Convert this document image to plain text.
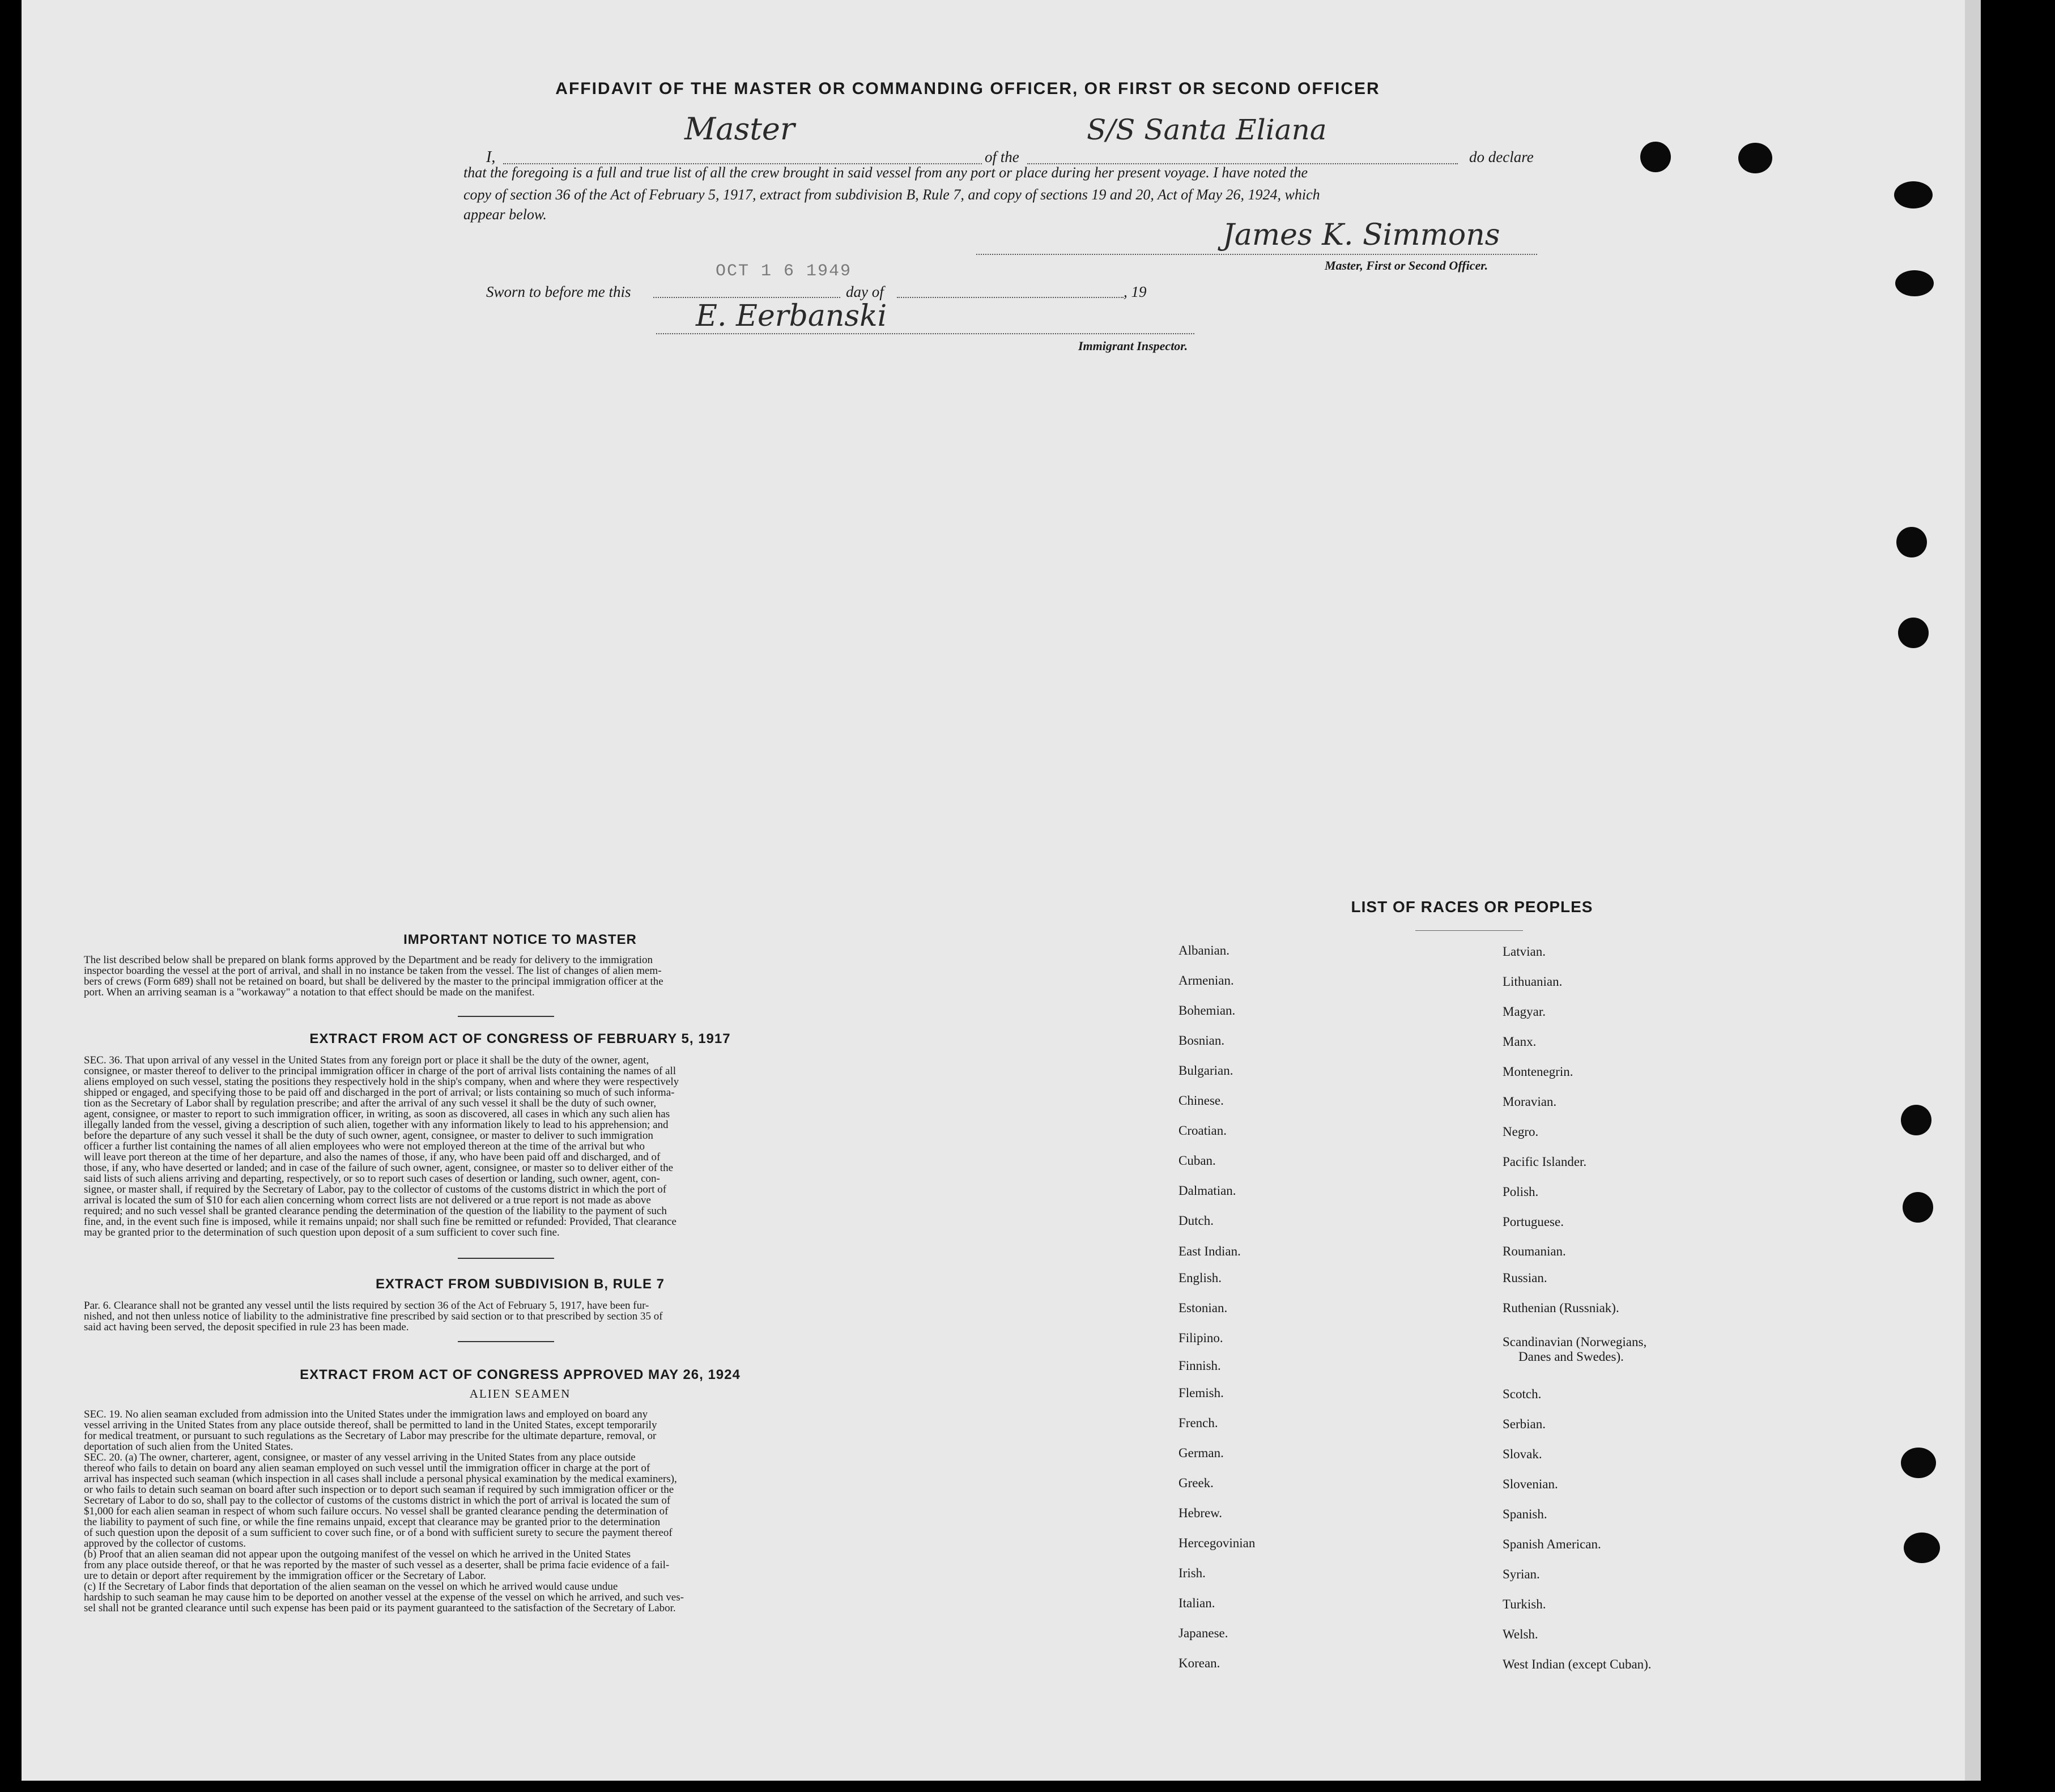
AFFIDAVIT OF THE MASTER OR COMMANDING OFFICER, OR FIRST OR SECOND OFFICER
I,
Master
of the
S/S Santa Eliana
do declare
that the foregoing is a full and true list of all the crew brought in said vessel from any port or place during her present voyage. I have noted the
copy of section 36 of the Act of February 5, 1917, extract from subdivision B, Rule 7, and copy of sections 19 and 20, Act of May 26, 1924, which
appear below.
James K. Simmons
Master, First or Second Officer.
Sworn to before me this
OCT 1 6 1949
day of	, 19
E. Eerbanski
Immigrant Inspector.
IMPORTANT NOTICE TO MASTER
The list described below shall be prepared on blank forms approved by the Department and be ready for delivery to the immigration
inspector boarding the vessel at the port of arrival, and shall in no instance be taken from the vessel. The list of changes of alien mem-
bers of crews (Form 689) shall not be retained on board, but shall be delivered by the master to the principal immigration officer at the
port. When an arriving seaman is a "workaway" a notation to that effect should be made on the manifest.
EXTRACT FROM ACT OF CONGRESS OF FEBRUARY 5, 1917
SEC. 36. That upon arrival of any vessel in the United States from any foreign port or place it shall be the duty of the owner, agent,
consignee, or master thereof to deliver to the principal immigration officer in charge of the port of arrival lists containing the names of all
aliens employed on such vessel, stating the positions they respectively hold in the ship's company, when and where they were respectively
shipped or engaged, and specifying those to be paid off and discharged in the port of arrival; or lists containing so much of such informa-
tion as the Secretary of Labor shall by regulation prescribe; and after the arrival of any such vessel it shall be the duty of such owner,
agent, consignee, or master to report to such immigration officer, in writing, as soon as discovered, all cases in which any such alien has
illegally landed from the vessel, giving a description of such alien, together with any information likely to lead to his apprehension; and
before the departure of any such vessel it shall be the duty of such owner, agent, consignee, or master to deliver to such immigration
officer a further list containing the names of all alien employees who were not employed thereon at the time of the arrival but who
will leave port thereon at the time of her departure, and also the names of those, if any, who have been paid off and discharged, and of
those, if any, who have deserted or landed; and in case of the failure of such owner, agent, consignee, or master so to deliver either of the
said lists of such aliens arriving and departing, respectively, or so to report such cases of desertion or landing, such owner, agent, con-
signee, or master shall, if required by the Secretary of Labor, pay to the collector of customs of the customs district in which the port of
arrival is located the sum of $10 for each alien concerning whom correct lists are not delivered or a true report is not made as above
required; and no such vessel shall be granted clearance pending the determination of the question of the liability to the payment of such
fine, and, in the event such fine is imposed, while it remains unpaid; nor shall such fine be remitted or refunded: Provided, That clearance
may be granted prior to the determination of such question upon deposit of a sum sufficient to cover such fine.
EXTRACT FROM SUBDIVISION B, RULE 7
Par. 6. Clearance shall not be granted any vessel until the lists required by section 36 of the Act of February 5, 1917, have been fur-
nished, and not then unless notice of liability to the administrative fine prescribed by said section or to that prescribed by section 35 of
said act having been served, the deposit specified in rule 23 has been made.
EXTRACT FROM ACT OF CONGRESS APPROVED MAY 26, 1924
ALIEN SEAMEN
SEC. 19. No alien seaman excluded from admission into the United States under the immigration laws and employed on board any
vessel arriving in the United States from any place outside thereof, shall be permitted to land in the United States, except temporarily
for medical treatment, or pursuant to such regulations as the Secretary of Labor may prescribe for the ultimate departure, removal, or
deportation of such alien from the United States.
SEC. 20. (a) The owner, charterer, agent, consignee, or master of any vessel arriving in the United States from any place outside
thereof who fails to detain on board any alien seaman employed on such vessel until the immigration officer in charge at the port of
arrival has inspected such seaman (which inspection in all cases shall include a personal physical examination by the medical examiners),
or who fails to detain such seaman on board after such inspection or to deport such seaman if required by such immigration officer or the
Secretary of Labor to do so, shall pay to the collector of customs of the customs district in which the port of arrival is located the sum of
$1,000 for each alien seaman in respect of whom such failure occurs. No vessel shall be granted clearance pending the determination of
the liability to payment of such fine, or while the fine remains unpaid, except that clearance may be granted prior to the determination
of such question upon the deposit of a sum sufficient to cover such fine, or of a bond with sufficient surety to secure the payment thereof
approved by the collector of customs.
(b) Proof that an alien seaman did not appear upon the outgoing manifest of the vessel on which he arrived in the United States
from any place outside thereof, or that he was reported by the master of such vessel as a deserter, shall be prima facie evidence of a fail-
ure to detain or deport after requirement by the immigration officer or the Secretary of Labor.
(c) If the Secretary of Labor finds that deportation of the alien seaman on the vessel on which he arrived would cause undue
hardship to such seaman he may cause him to be deported on another vessel at the expense of the vessel on which he arrived, and such ves-
sel shall not be granted clearance until such expense has been paid or its payment guaranteed to the satisfaction of the Secretary of Labor.
LIST OF RACES OR PEOPLES
Albanian.
Armenian.
Bohemian.
Bosnian.
Bulgarian.
Chinese.
Croatian.
Cuban.
Dalmatian.
Dutch.
East Indian.
English.
Estonian.
Filipino.
Finnish.
Flemish.
French.
German.
Greek.
Hebrew.
Hercegovinian
Irish.
Italian.
Japanese.
Korean.
Latvian.
Lithuanian.
Magyar.
Manx.
Montenegrin.
Moravian.
Negro.
Pacific Islander.
Polish.
Portuguese.
Roumanian.
Russian.
Ruthenian (Russniak).
Scandinavian (Norwegians,
Danes and Swedes).
Scotch.
Serbian.
Slovak.
Slovenian.
Spanish.
Spanish American.
Syrian.
Turkish.
Welsh.
West Indian (except Cuban).
